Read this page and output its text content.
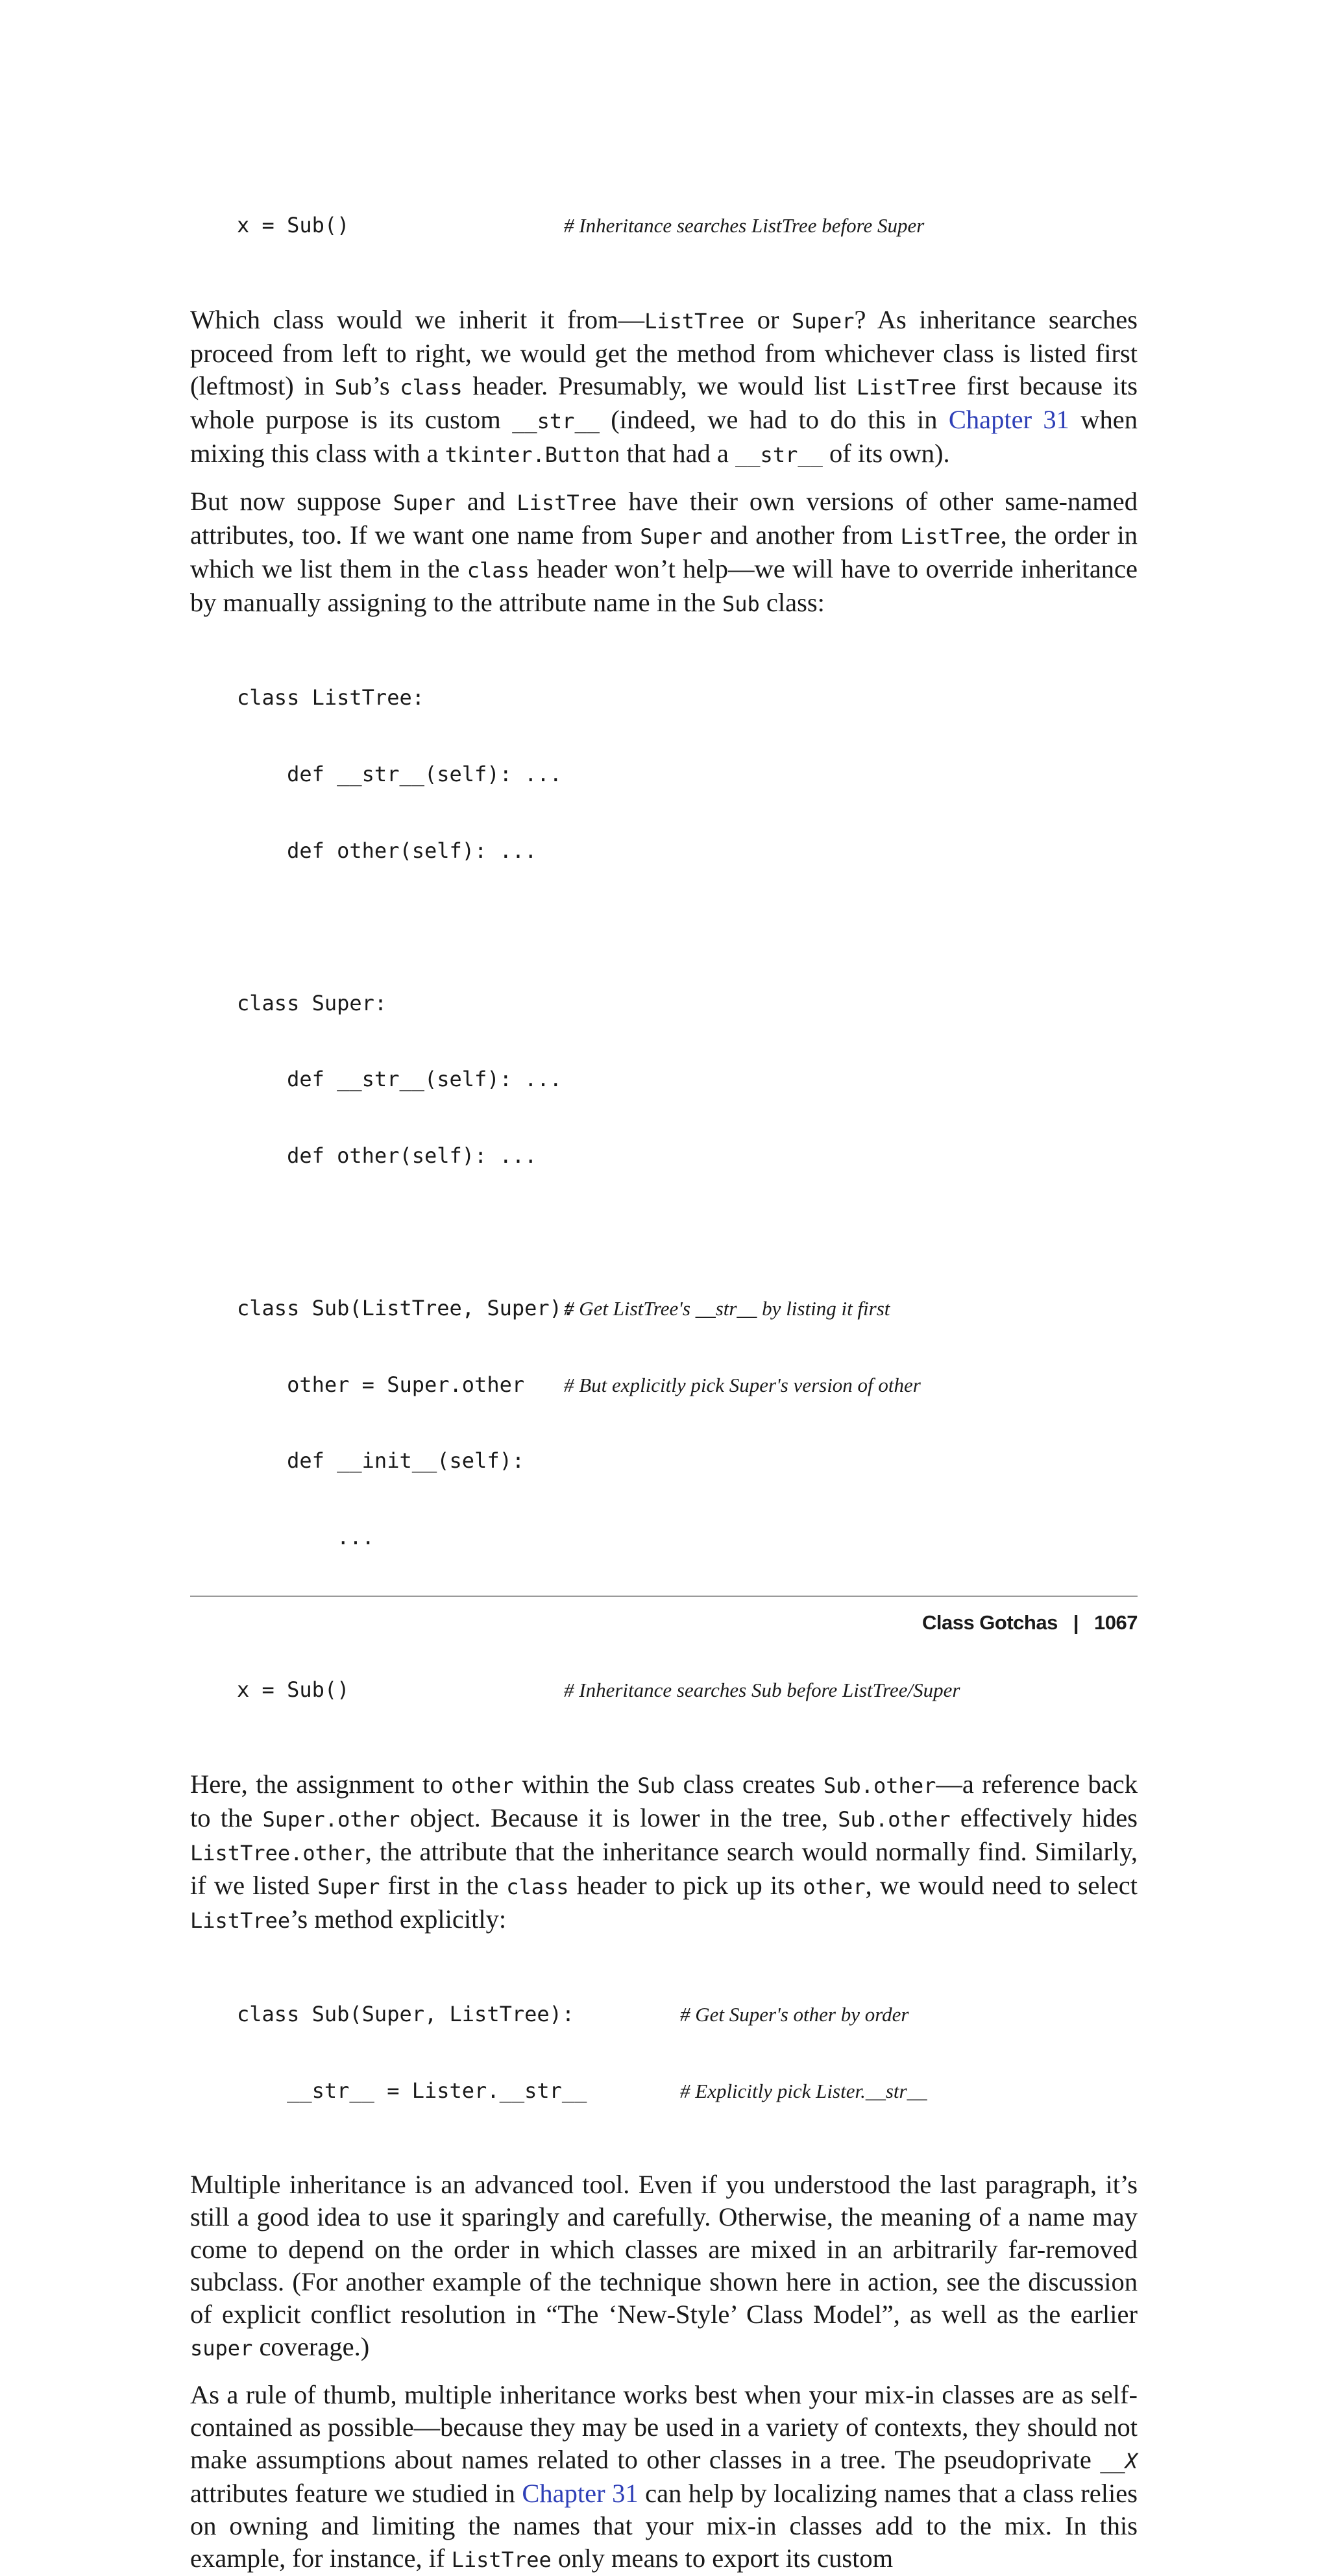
x = Sub()	# Inheritance searches ListTree before Super

Which class would we inherit it from—ListTree or Super? As inheritance searches proceed from left to right, we would get the method from whichever class is listed first (leftmost) in Sub’s class header. Presumably, we would list ListTree first because its whole purpose is its custom __str__ (indeed, we had to do this in Chapter 31 when mixing this class with a tkinter.Button that had a __str__ of its own).

But now suppose Super and ListTree have their own versions of other same-named attributes, too. If we want one name from Super and another from ListTree, the order in which we list them in the class header won’t help—we will have to override inheritance by manually assigning to the attribute name in the Sub class:

class ListTree:

def __str__(self): ...

def other(self): ...

class Super:

def __str__(self): ...

def other(self): ...

class Sub(ListTree, Super):
# Get ListTree's __str__ by listing it first

other = Super.other # But explicitly pick Super's version of other

def __init__(self):

...

x = Sub()	# Inheritance searches Sub before ListTree/Super

Here, the assignment to other within the Sub class creates Sub.other—a reference back to the Super.other object. Because it is lower in the tree, Sub.other effectively hides ListTree.other, the attribute that the inheritance search would normally find. Similarly, if we listed Super first in the class header to pick up its other, we would need to select ListTree’s method explicitly:

class Sub(Super, ListTree):	# Get Super's other by order

__str__ = Lister.__str__	# Explicitly pick Lister.__str__

Multiple inheritance is an advanced tool. Even if you understood the last paragraph, it’s still a good idea to use it sparingly and carefully. Otherwise, the meaning of a name may come to depend on the order in which classes are mixed in an arbitrarily far-removed subclass. (For another example of the technique shown here in action, see the discussion of explicit conflict resolution in “The ‘New-Style’ Class Model”, as well as the earlier super coverage.)

As a rule of thumb, multiple inheritance works best when your mix-in classes are as self-contained as possible—because they may be used in a variety of contexts, they should not make assumptions about names related to other classes in a tree. The pseudoprivate __X attributes feature we studied in Chapter 31 can help by localizing names that a class relies on owning and limiting the names that your mix-in classes add to the mix. In this example, for instance, if ListTree only means to export its custom

Class Gotchas | 1067
